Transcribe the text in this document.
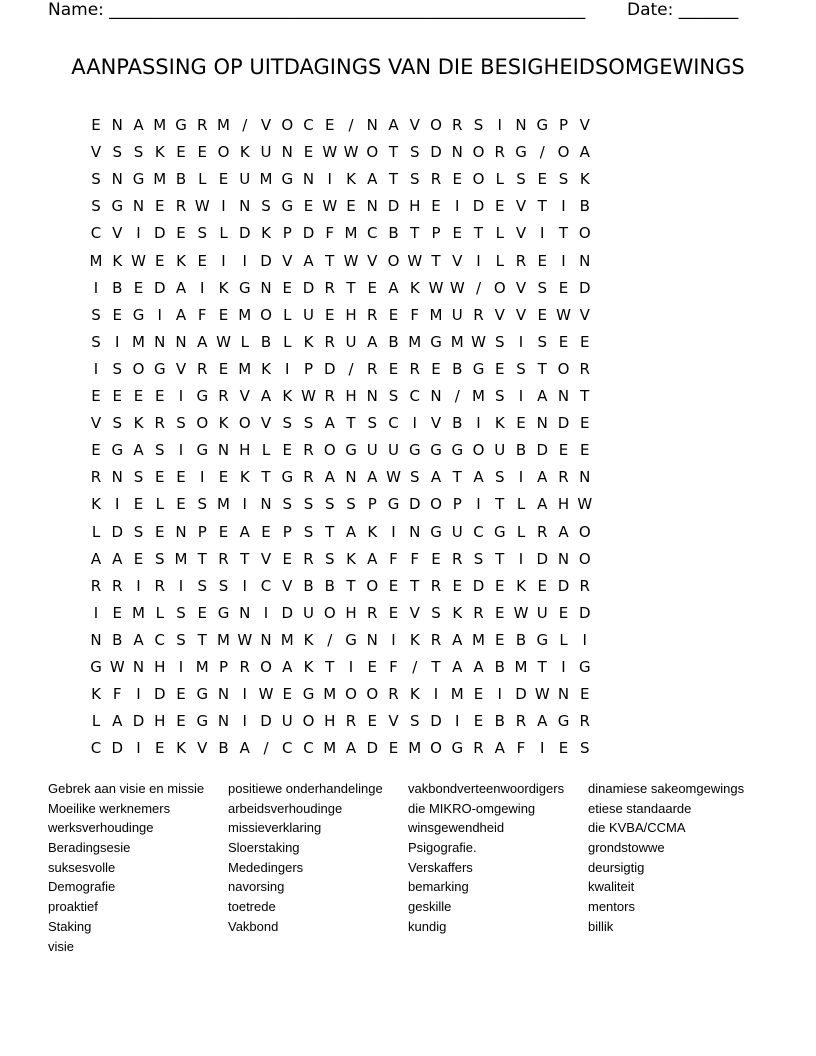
Name: ________________________________________________________ Date: _______
AANPASSING OP UITDAGINGS VAN DIE BESIGHEIDSOMGEWINGS
E N A M G R M / V O C E / N A V O R S I N G P V
V S S K E E O K U N E W W O T S D N O R G / O A
S N G M B L E U M G N I K A T S R E O L S E S K
S G N E R W I N S G E W E N D H E I D E V T I B
C V I D E S L D K P D F M C B T P E T L V I T O
M K W E K E I	I D V A T W V O W T V I L R E I N
I B E D A I K G N E D R T E A K W W / O V S E D
S E G I A F E M O L U E H R E F M U R V V E W V
S I M N N A W L B L K R U A B M G M W S I S E E
I S O G V R E M K I P D / R E R E B G E S T O R
E E E E I G R V A K W R H N S C N / M S I A N T
V S K R S O K O V S S A T S C I V B I K E N D E
E G A S I G N H L E R O G U U G G G O U B D E E
R N S E E I E K T G R A N A W S A T A S I A R N
K I E L E S M I N S S S S P G D O P I T L A H W
L D S E N P E A E P S T A K I N G U C G L R A O
A A E S M T R T V E R S K A F F E R S T I D N O
R R I R I S S I C V B B T O E T R E D E K E D R
I E M L S E G N I D U O H R E V S K R E W U E D
N B A C S T M W N M K / G N I K R A M E B G L I
G W N H I M P R O A K T I E F / T A A B M T I G
K F I D E G N I W E G M O O R K I M E I D W N E
L A D H E G N I D U O H R E V S D I E B R A G R
C D I E K V B A / C C M A D E M O G R A F I E S
Gebrek aan visie en missie
Moeilike werknemers
werksverhoudinge
Beradingsesie
suksesvolle
Demografie
proaktief
Staking
visie
positiewe onderhandelinge
arbeidsverhoudinge
missieverklaring
Sloerstaking
Mededingers
navorsing
toetrede
Vakbond
vakbondverteenwoordigers
die MIKRO-omgewing
winsgewendheid
Psigografie.
Verskaffers
bemarking
geskille
kundig
dinamiese sakeomgewings
etiese standaarde
die KVBA/CCMA
grondstowwe
deursigtig
kwaliteit
mentors
billik
